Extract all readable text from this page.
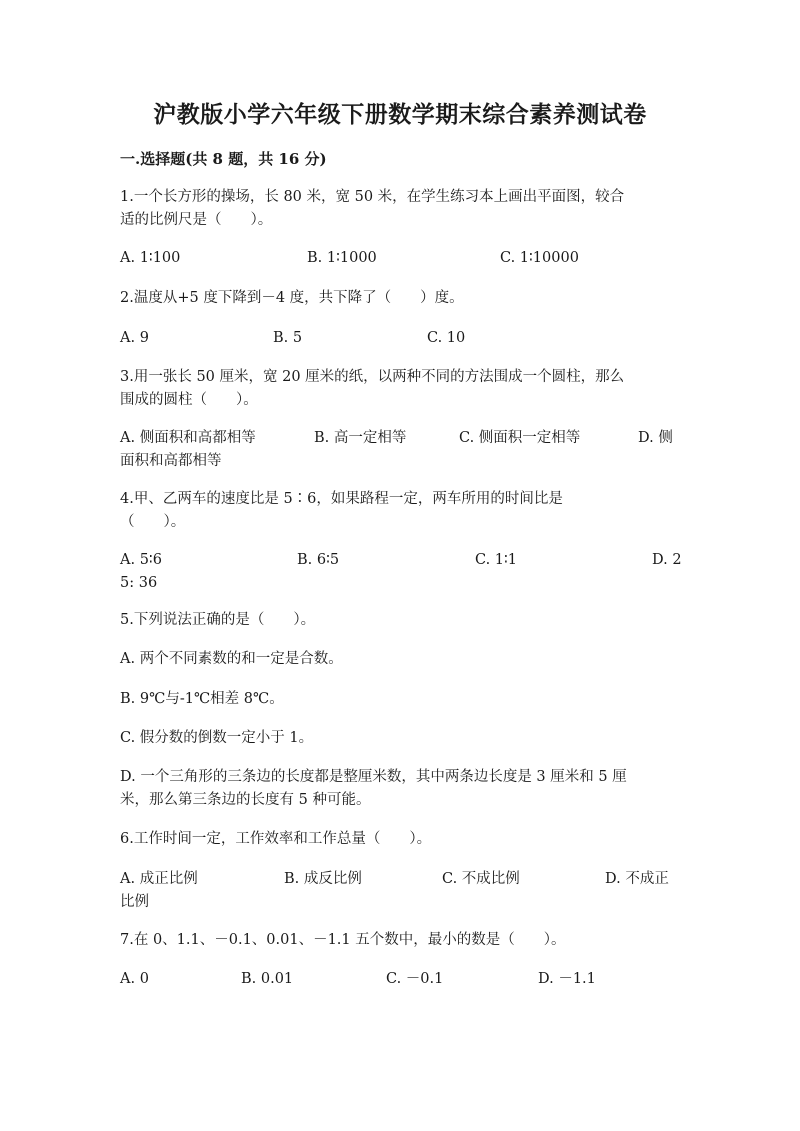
沪教版小学六年级下册数学期末综合素养测试卷
一.选择题(共 8 题，共 16 分)
1.一个长方形的操场，长 80 米，宽 50 米，在学生练习本上画出平面图，较合
适的比例尺是（　　）。
A. 1∶100	B. 1∶1000	C. 1∶10000
2.温度从+5 度下降到－4 度，共下降了（　　）度。
A. 9	B. 5	C. 10
3.用一张长 50 厘米，宽 20 厘米的纸，以两种不同的方法围成一个圆柱，那么
围成的圆柱（　　）。
A. 侧面积和高都相等	B. 高一定相等	C. 侧面积一定相等	D. 侧
面积和高都相等
4.甲、乙两车的速度比是 5∶6，如果路程一定，两车所用的时间比是
（　　）。
A. 5∶6	B. 6∶5	C. 1∶1	D. 2
5: 36
5.下列说法正确的是（　　）。
A. 两个不同素数的和一定是合数。
B. 9℃与-1℃相差 8℃。
C. 假分数的倒数一定小于 1。
D. 一个三角形的三条边的长度都是整厘米数，其中两条边长度是 3 厘米和 5 厘
米，那么第三条边的长度有 5 种可能。
6.工作时间一定，工作效率和工作总量（　　）。
A. 成正比例	B. 成反比例	C. 不成比例	D. 不成正
比例
7.在 0、1.1、－0.1、0.01、－1.1 五个数中，最小的数是（　　）。
A. 0	B. 0.01	C. －0.1	D. －1.1
